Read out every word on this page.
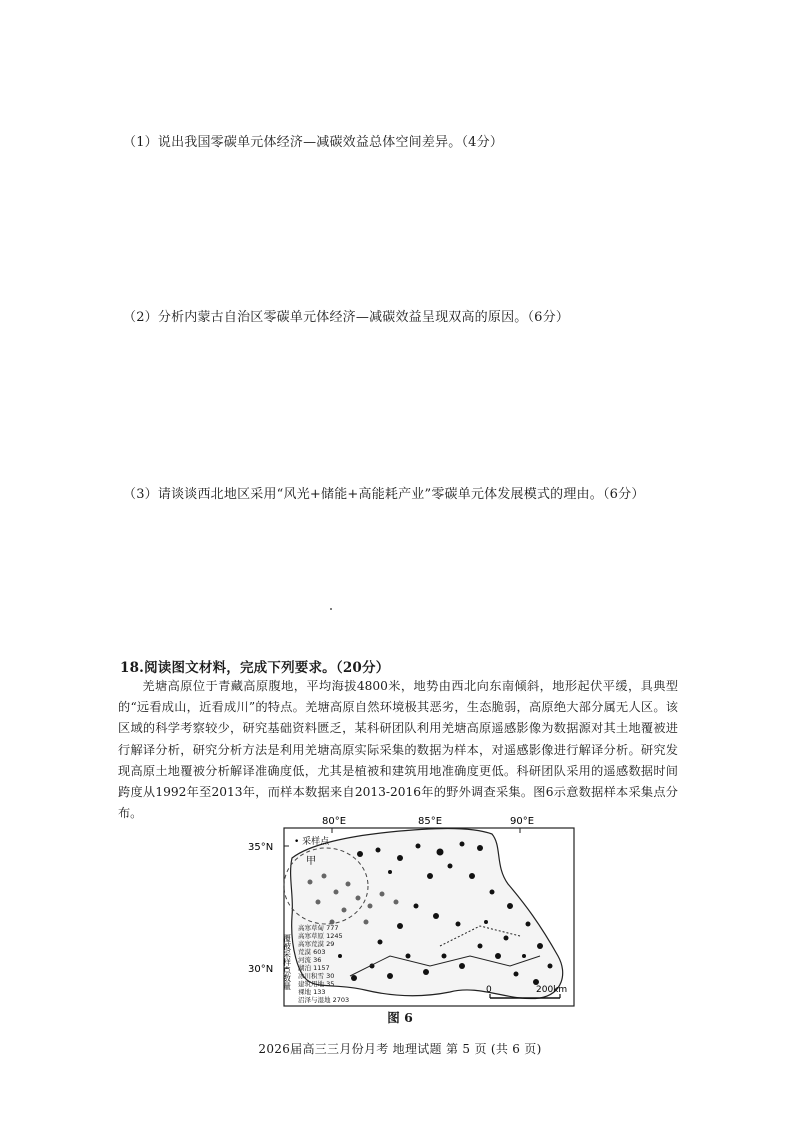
（1）说出我国零碳单元体经济—减碳效益总体空间差异。（4分）
（2）分析内蒙古自治区零碳单元体经济—减碳效益呈现双高的原因。（6分）
（3）请谈谈西北地区采用“风光+储能+高能耗产业”零碳单元体发展模式的理由。（6分）
18.阅读图文材料，完成下列要求。（20分）

羌塘高原位于青藏高原腹地，平均海拔4800米，地势由西北向东南倾斜，地形起伏平缓，具典型的“远看成山，近看成川”的特点。羌塘高原自然环境极其恶劣，生态脆弱，高原绝大部分属无人区。该区域的科学考察较少，研究基础资料匮乏，某科研团队利用羌塘高原遥感影像为数据源对其土地覆被进行解译分析，研究分析方法是利用羌塘高原实际采集的数据为样本，对遥感影像进行解译分析。研究发现高原土地覆被分析解译准确度低，尤其是植被和建筑用地准确度更低。科研团队采用的遥感数据时间跨度从1992年至2013年，而样本数据来自2013-2016年的野外调查采集。图6示意数据样本采集点分布。

80°E	85°E	90°E
35°N
30°N
甲
• 采样点
覆被采样点数量
高寒草甸 777
高寒草原 1245
高寒荒漠 29
荒漠 603
河流 36
湖泊 1157
冰川积雪 30
建筑用地 35
裸地 133
沼泽与湿地 2703
0	200km
图 6
2026届高三三月份月考 地理试题 第 5 页 (共 6 页)
